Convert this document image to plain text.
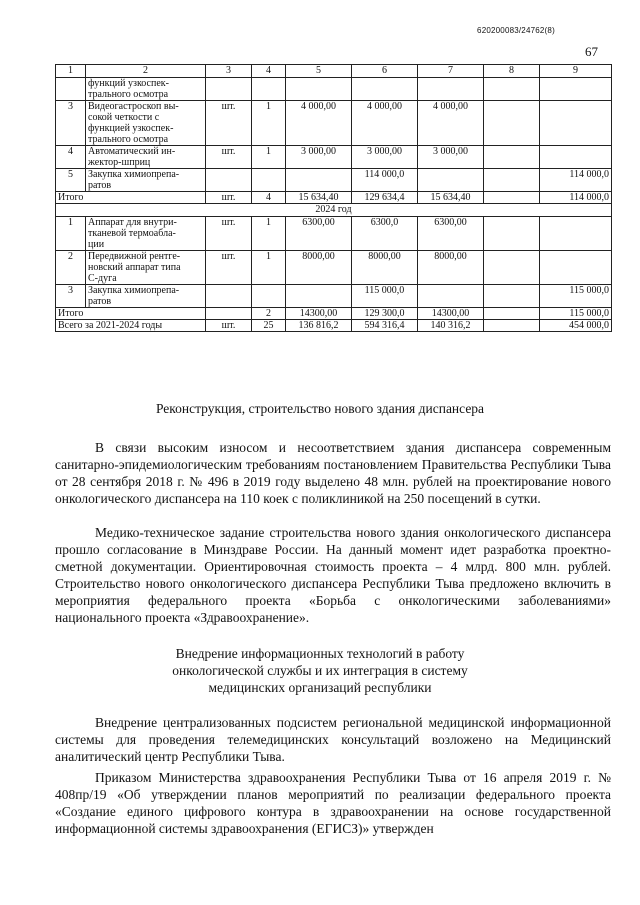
620200083/24762(8)
67
1	2	3	4	5	6	7	8	9
	функций узкоспек-
трального осмотра							
3	Видеогастроскоп вы-
сокой четкости с
функцией узкоспек-
трального осмотра	шт.	1	4 000,00	4 000,00	4 000,00		
4	Автоматический ин-
жектор-шприц	шт.	1	3 000,00	3 000,00	3 000,00		
5	Закупка химиопрепа-
ратов				114 000,0			114 000,0
Итого		шт.	4	15 634,40	129 634,4	15 634,40		114 000,0
2024 год								
1	Аппарат для внутри-
тканевой термоабла-
ции	шт.	1	6300,00	6300,0	6300,00		
2	Передвижной рентге-
новский аппарат типа
С-дуга	шт.	1	8000,00	8000,00	8000,00		
3	Закупка химиопрепа-
ратов				115 000,0			115 000,0
Итого			2	14300,00	129 300,0	14300,00		115 000,0
Всего за 2021-2024 годы		шт.	25	136 816,2	594 316,4	140 316,2		454 000,0
Реконструкция, строительство нового здания диспансера

В связи высоким износом и несоответствием здания диспансера современным санитарно-эпидемиологическим требованиям постановлением Правительства Республики Тыва от 28 сентября 2018 г. № 496 в 2019 году выделено 48 млн. рублей на проектирование нового онкологического диспансера на 110 коек с поликлиникой на 250 посещений в сутки.

Медико-техническое задание строительства нового здания онкологического диспансера прошло согласование в Минздраве России. На данный момент идет разработка проектно-сметной документации. Ориентировочная стоимость проекта – 4 млрд. 800 млн. рублей. Строительство нового онкологического диспансера Республики Тыва предложено включить в мероприятия федерального проекта «Борьба с онкологическими заболеваниями» национального проекта «Здравоохранение».

Внедрение информационных технологий в работу
онкологической службы и их интеграция в систему
медицинских организаций республики

Внедрение централизованных подсистем региональной медицинской информационной системы для проведения телемедицинских консультаций возложено на Медицинский аналитический центр Республики Тыва.

Приказом Министерства здравоохранения Республики Тыва от 16 апреля 2019 г. № 408пр/19 «Об утверждении планов мероприятий по реализации федерального проекта «Создание единого цифрового контура в здравоохранении на основе государственной информационной системы здравоохранения (ЕГИСЗ)» утвержден
